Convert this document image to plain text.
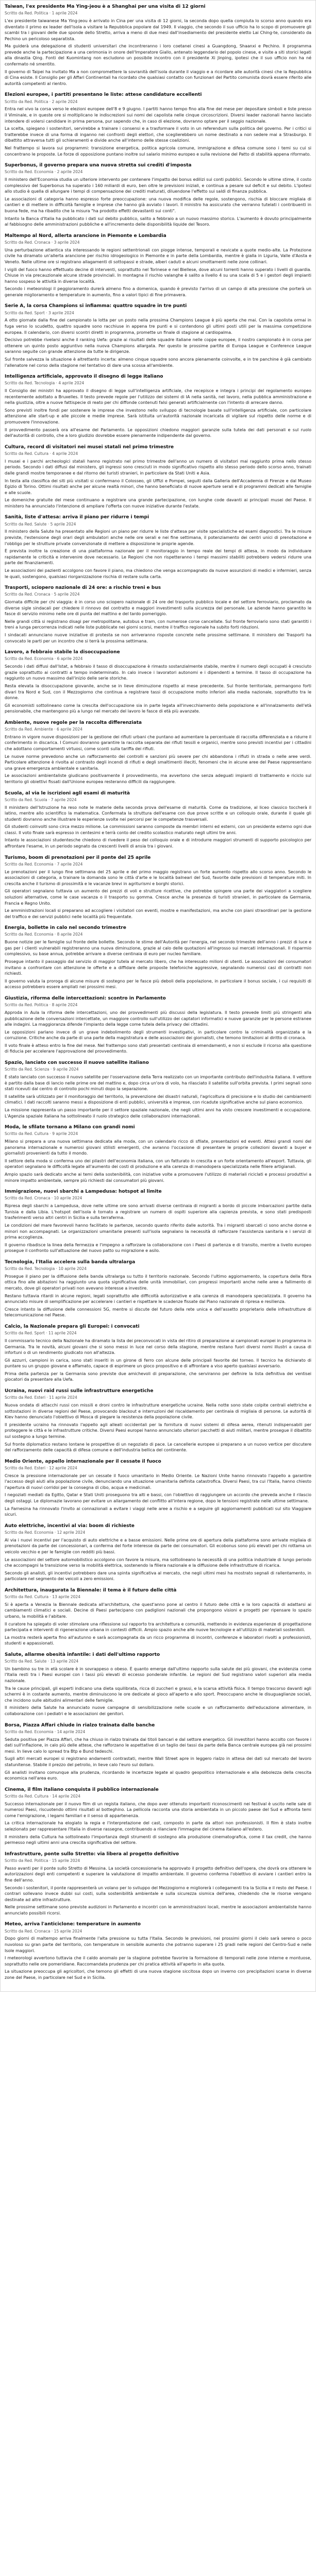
Taiwan, l'ex presidente Ma Ying-jeou è a Shanghai per una visita di 12 giorni
Scritto da Red. Politica · 1 aprile 2024

L'ex presidente taiwanese Ma Ying-jeou è arrivato in Cina per una visita di 12 giorni, la seconda dopo quella compiuta lo scorso anno quando era diventato il primo ex leader dell'isola a visitare la Repubblica popolare dal 1949. Il viaggio, che secondo il suo ufficio ha lo scopo di promuovere gli scambi tra i giovani delle due sponde dello Stretto, arriva a meno di due mesi dall'insediamento del presidente eletto Lai Ching-te, considerato da Pechino un pericoloso separatista.

Ma guiderà una delegazione di studenti universitari che incontreranno i loro coetanei cinesi a Guangdong, Shaanxi e Pechino. Il programma prevede anche la partecipazione a una cerimonia in onore dell'Imperatore Giallo, antenato leggendario del popolo cinese, e visite a siti storici legati alla dinastia Qing. Fonti del Kuomintang non escludono un possibile incontro con il presidente Xi Jinping, ipotesi che il suo ufficio non ha né confermato né smentito.

Il governo di Taipei ha invitato Ma a non compromettere la sovranità dell'isola durante il viaggio e a ricordare alle autorità cinesi che la Repubblica di Cina esiste. Il Consiglio per gli Affari Continentali ha ricordato che qualsiasi contatto con funzionari del Partito comunista dovrà essere riferito alle autorità competenti al rientro.

Elezioni europee, i partiti presentano le liste: attese candidature eccellenti
Scritto da Red. Politica · 2 aprile 2024

Entra nel vivo la corsa verso le elezioni europee dell'8 e 9 giugno. I partiti hanno tempo fino alla fine del mese per depositare simboli e liste presso il Viminale, e in queste ore si moltiplicano le indiscrezioni sui nomi dei capolista nelle cinque circoscrizioni. Diversi leader nazionali hanno lasciato intendere di volersi candidare in prima persona, pur sapendo che, in caso di elezione, dovranno optare per il seggio nazionale.

La scelta, spiegano i sostenitori, servirebbe a trainare i consensi e a trasformare il voto in un referendum sulla politica del governo. Per i critici si tratterebbe invece di una forma di inganno nei confronti degli elettori, che sceglierebbero un nome destinato a non sedere mai a Strasburgo. Il dibattito attraversa tutti gli schieramenti e divide anche all'interno delle stesse coalizioni.

Nel frattempo si lavora sui programmi: transizione energetica, politica agricola comune, immigrazione e difesa comune sono i temi su cui si concentrano le proposte. Le forze di opposizione puntano inoltre sul salario minimo europeo e sulla revisione del Patto di stabilità appena riformato.

Superbonus, il governo prepara una nuova stretta sui crediti d'imposta
Scritto da Red. Economia · 2 aprile 2024

Il ministero dell'Economia studia un ulteriore intervento per contenere l'impatto dei bonus edilizi sui conti pubblici. Secondo le ultime stime, il costo complessivo del Superbonus ha superato i 160 miliardi di euro, ben oltre le previsioni iniziali, e continua a pesare sul deficit e sul debito. L'ipotesi allo studio è quella di allungare i tempi di compensazione dei crediti maturati, diluendone l'effetto sui saldi di finanza pubblica.

Le associazioni di categoria hanno espresso forte preoccupazione: una nuova modifica delle regole, sostengono, rischia di bloccare migliaia di cantieri e di mettere in difficoltà famiglie e imprese che hanno già avviato i lavori. Il ministro ha assicurato che verranno tutelati i contribuenti in buona fede, ma ha ribadito che la misura "ha prodotto effetti devastanti sui conti".

Intanto la Banca d'Italia ha pubblicato i dati sul debito pubblico, salito a febbraio a un nuovo massimo storico. L'aumento è dovuto principalmente al fabbisogno delle amministrazioni pubbliche e all'incremento delle disponibilità liquide del Tesoro.

Maltempo al Nord, allerta arancione in Piemonte e Lombardia
Scritto da Red. Cronaca · 3 aprile 2024

Una perturbazione atlantica sta interessando le regioni settentrionali con piogge intense, temporali e nevicate a quote medio-alte. La Protezione civile ha diramato un'allerta arancione per rischio idrogeologico in Piemonte e in parte della Lombardia, mentre è gialla in Liguria, Valle d'Aosta e Veneto. Nelle ultime ore si registrano allagamenti di sottopassi e strade, alberi caduti e alcuni smottamenti nelle zone collinari.

I vigili del fuoco hanno effettuato decine di interventi, soprattutto nel Torinese e nel Biellese, dove alcuni torrenti hanno superato i livelli di guardia. Chiuse in via precauzionale alcune strade provinciali. In montagna il rischio valanghe è salito a livello 4 su una scala di 5 e i gestori degli impianti hanno sospeso le attività in diverse località.

Secondo i meteorologi il peggioramento durerà almeno fino a domenica, quando è previsto l'arrivo di un campo di alta pressione che porterà un generale miglioramento e temperature in aumento, fino a valori tipici di fine primavera.

Serie A, la corsa Champions si infiamma: quattro squadre in tre punti
Scritto da Red. Sport · 3 aprile 2024

A otto giornate dalla fine del campionato la lotta per un posto nella prossima Champions League è più aperta che mai. Con la capolista ormai in fuga verso lo scudetto, quattro squadre sono racchiuse in appena tre punti e si contendono gli ultimi posti utili per la massima competizione europea. Il calendario, con diversi scontri diretti in programma, promette un finale di stagione al cardiopalma.

Decisivo potrebbe rivelarsi anche il ranking Uefa: grazie ai risultati delle squadre italiane nelle coppe europee, il nostro campionato è in corsa per ottenere un quinto posto aggiuntivo nella nuova Champions allargata. Per questo le prossime partite di Europa League e Conference League saranno seguite con grande attenzione da tutte le dirigenze.

Sul fronte salvezza la situazione è altrettanto incerta: almeno cinque squadre sono ancora pienamente coinvolte, e in tre panchine è già cambiato l'allenatore nel corso della stagione nel tentativo di dare una scossa all'ambiente.

Intelligenza artificiale, approvato il disegno di legge italiano
Scritto da Red. Tecnologia · 4 aprile 2024

Il Consiglio dei ministri ha approvato il disegno di legge sull'intelligenza artificiale, che recepisce e integra i principi del regolamento europeo recentemente adottato a Bruxelles. Il testo prevede regole per l'utilizzo dei sistemi di IA nella sanità, nel lavoro, nella pubblica amministrazione e nella giustizia, oltre a nuove fattispecie di reato per chi diffonde contenuti falsi generati artificialmente con l'intento di arrecare danno.

Sono previsti inoltre fondi per sostenere le imprese che investono nello sviluppo di tecnologie basate sull'intelligenza artificiale, con particolare attenzione alle start-up e alle piccole e medie imprese. Sarà istituita un'autorità nazionale incaricata di vigilare sul rispetto delle norme e di promuovere l'innovazione.

Il provvedimento passerà ora all'esame del Parlamento. Le opposizioni chiedono maggiori garanzie sulla tutela dei dati personali e sul ruolo dell'autorità di controllo, che a loro giudizio dovrebbe essere pienamente indipendente dal governo.

Cultura, record di visitatori nei musei statali nel primo trimestre
Scritto da Red. Cultura · 4 aprile 2024

I musei e i parchi archeologici statali hanno registrato nel primo trimestre dell'anno un numero di visitatori mai raggiunto prima nello stesso periodo. Secondo i dati diffusi dal ministero, gli ingressi sono cresciuti in modo significativo rispetto allo stesso periodo dello scorso anno, trainati dalle grandi mostre temporanee e dal ritorno dei turisti stranieri, in particolare da Stati Uniti e Asia.

In testa alla classifica dei siti più visitati si confermano il Colosseo, gli Uffizi e Pompei, seguiti dalla Galleria dell'Accademia di Firenze e dal Museo Egizio di Torino. Ottimi risultati anche per alcune realtà minori, che hanno beneficiato di nuove aperture serali e di programmi dedicati alle famiglie e alle scuole.

Le domeniche gratuite del mese continuano a registrare una grande partecipazione, con lunghe code davanti ai principali musei del Paese. Il ministero ha annunciato l'intenzione di ampliare l'offerta con nuove iniziative durante l'estate.

Sanità, liste d'attesa: arriva il piano per ridurre i tempi
Scritto da Red. Salute · 5 aprile 2024

Il ministero della Salute ha presentato alle Regioni un piano per ridurre le liste d'attesa per visite specialistiche ed esami diagnostici. Tra le misure previste, l'estensione degli orari degli ambulatori anche nelle ore serali e nei fine settimana, il potenziamento dei centri unici di prenotazione e l'obbligo per le strutture private convenzionate di mettere a disposizione le proprie agende.

È prevista inoltre la creazione di una piattaforma nazionale per il monitoraggio in tempo reale dei tempi di attesa, in modo da individuare rapidamente le criticità e intervenire dove necessario. Le Regioni che non rispetteranno i tempi massimi stabiliti potrebbero vedersi ridurre una parte dei finanziamenti.

Le associazioni dei pazienti accolgono con favore il piano, ma chiedono che venga accompagnato da nuove assunzioni di medici e infermieri, senza le quali, sostengono, qualsiasi riorganizzazione rischia di restare sulla carta.

Trasporti, sciopero nazionale di 24 ore: a rischio treni e bus
Scritto da Red. Cronaca · 5 aprile 2024

Giornata difficile per chi viaggia: è in corso uno sciopero nazionale di 24 ore del trasporto pubblico locale e del settore ferroviario, proclamato da diverse sigle sindacali per chiedere il rinnovo del contratto e maggiori investimenti sulla sicurezza del personale. Le aziende hanno garantito le fasce di servizio minimo nelle ore di punta del mattino e del tardo pomeriggio.

Nelle grandi città si registrano disagi per metropolitane, autobus e tram, con numerose corse cancellate. Sul fronte ferroviario sono stati garantiti i treni a lunga percorrenza indicati nelle liste pubblicate nei giorni scorsi, mentre il traffico regionale ha subito forti riduzioni.

I sindacati annunciano nuove iniziative di protesta se non arriveranno risposte concrete nelle prossime settimane. Il ministero dei Trasporti ha convocato le parti per un incontro che si terrà la prossima settimana.

Lavoro, a febbraio stabile la disoccupazione
Scritto da Red. Economia · 6 aprile 2024

Secondo i dati diffusi dall'Istat, a febbraio il tasso di disoccupazione è rimasto sostanzialmente stabile, mentre il numero degli occupati è cresciuto grazie soprattutto ai contratti a tempo indeterminato. In calo invece i lavoratori autonomi e i dipendenti a termine. Il tasso di occupazione ha raggiunto un nuovo massimo dall'inizio delle serie storiche.

Resta elevata la disoccupazione giovanile, anche se in lieve diminuzione rispetto al mese precedente. Sul fronte territoriale, permangono forti divari tra Nord e Sud, con il Mezzogiorno che continua a registrare tassi di occupazione molto inferiori alla media nazionale, soprattutto tra le donne.

Gli economisti sottolineano come la crescita dell'occupazione sia in parte legata all'invecchiamento della popolazione e all'innalzamento dell'età pensionabile, che mantengono più a lungo nel mercato del lavoro le fasce di età più avanzate.

Ambiente, nuove regole per la raccolta differenziata
Scritto da Red. Ambiente · 6 aprile 2024

Entrano in vigore nuove disposizioni per la gestione dei rifiuti urbani che puntano ad aumentare la percentuale di raccolta differenziata e a ridurre il conferimento in discarica. I Comuni dovranno garantire la raccolta separata dei rifiuti tessili e organici, mentre sono previsti incentivi per i cittadini che adottano comportamenti virtuosi, come sconti sulla tariffa dei rifiuti.

Le nuove norme prevedono anche un rafforzamento dei controlli e sanzioni più severe per chi abbandona i rifiuti in strada o nelle aree verdi. Particolare attenzione è rivolta al contrasto degli incendi di rifiuti e degli smaltimenti illeciti, fenomeni che in alcune aree del Paese rappresentano una grave emergenza ambientale e sanitaria.

Le associazioni ambientaliste giudicano positivamente il provvedimento, ma avvertono che senza adeguati impianti di trattamento e riciclo sul territorio gli obiettivi fissati dall'Unione europea resteranno difficili da raggiungere.

Scuola, al via le iscrizioni agli esami di maturità
Scritto da Red. Scuola · 7 aprile 2024

Il ministero dell'Istruzione ha reso note le materie della seconda prova dell'esame di maturità. Come da tradizione, al liceo classico toccherà il latino, mentre allo scientifico la matematica. Confermata la struttura dell'esame con due prove scritte e un colloquio orale, durante il quale gli studenti dovranno anche illustrare le esperienze svolte nei percorsi per le competenze trasversali.

Gli studenti coinvolti sono circa mezzo milione. Le commissioni saranno composte da membri interni ed esterni, con un presidente esterno ogni due classi. Il voto finale sarà espresso in centesimi e terrà conto del credito scolastico maturato negli ultimi tre anni.

Intanto le associazioni studentesche chiedono di rivedere il peso del colloquio orale e di introdurre maggiori strumenti di supporto psicologico per affrontare l'esame, in un periodo segnato da crescenti livelli di ansia tra i giovani.

Turismo, boom di prenotazioni per il ponte del 25 aprile
Scritto da Red. Economia · 7 aprile 2024

Le prenotazioni per il lungo fine settimana del 25 aprile e del primo maggio registrano un forte aumento rispetto allo scorso anno. Secondo le associazioni di categoria, a trainare la domanda sono le città d'arte e le località balneari del Sud, favorite dalle previsioni di temperature miti. In crescita anche il turismo di prossimità e le vacanze brevi in agriturismi e borghi storici.

Gli operatori segnalano tuttavia un aumento dei prezzi di voli e strutture ricettive, che potrebbe spingere una parte dei viaggiatori a scegliere soluzioni alternative, come le case vacanza o il trasporto su gomma. Cresce anche la presenza di turisti stranieri, in particolare da Germania, Francia e Regno Unito.

Le amministrazioni locali si preparano ad accogliere i visitatori con eventi, mostre e manifestazioni, ma anche con piani straordinari per la gestione del traffico e dei servizi pubblici nelle località più frequentate.

Energia, bollette in calo nel secondo trimestre
Scritto da Red. Economia · 8 aprile 2024

Buone notizie per le famiglie sul fronte delle bollette. Secondo le stime dell'Autorità per l'energia, nel secondo trimestre dell'anno i prezzi di luce e gas per i clienti vulnerabili registreranno una nuova diminuzione, grazie al calo delle quotazioni all'ingrosso sui mercati internazionali. Il risparmio complessivo, su base annua, potrebbe arrivare a diverse centinaia di euro per nucleo familiare.

Prosegue intanto il passaggio dal servizio di maggior tutela al mercato libero, che ha interessato milioni di utenti. Le associazioni dei consumatori invitano a confrontare con attenzione le offerte e a diffidare delle proposte telefoniche aggressive, segnalando numerosi casi di contratti non richiesti.

Il governo valuta la proroga di alcune misure di sostegno per le fasce più deboli della popolazione, in particolare il bonus sociale, i cui requisiti di accesso potrebbero essere ampliati nei prossimi mesi.

Giustizia, riforma delle intercettazioni: scontro in Parlamento
Scritto da Red. Politica · 8 aprile 2024

Approda in Aula la riforma delle intercettazioni, uno dei provvedimenti più discussi della legislatura. Il testo prevede limiti più stringenti alla pubblicazione delle conversazioni intercettate, un maggiore controllo sull'utilizzo dei captatori informatici e nuove garanzie per le persone estranee alle indagini. La maggioranza difende l'impianto della legge come tutela della privacy dei cittadini.

Le opposizioni parlano invece di un grave indebolimento degli strumenti investigativi, in particolare contro la criminalità organizzata e la corruzione. Critiche anche da parte di una parte della magistratura e delle associazioni dei giornalisti, che temono limitazioni al diritto di cronaca.

Il voto finale è atteso entro la fine del mese. Nel frattempo sono stati presentati centinaia di emendamenti, e non si esclude il ricorso alla questione di fiducia per accelerare l'approvazione del provvedimento.

Spazio, lanciato con successo il nuovo satellite italiano
Scritto da Red. Scienza · 9 aprile 2024

È stato lanciato con successo il nuovo satellite per l'osservazione della Terra realizzato con un importante contributo dell'industria italiana. Il vettore è partito dalla base di lancio nelle prime ore del mattino e, dopo circa un'ora di volo, ha rilasciato il satellite sull'orbita prevista. I primi segnali sono stati ricevuti dal centro di controllo pochi minuti dopo la separazione.

Il satellite sarà utilizzato per il monitoraggio del territorio, la prevenzione dei disastri naturali, l'agricoltura di precisione e lo studio dei cambiamenti climatici. I dati raccolti saranno messi a disposizione di enti pubblici, università e imprese, con ricadute significative anche sul piano economico.

La missione rappresenta un passo importante per il settore spaziale nazionale, che negli ultimi anni ha visto crescere investimenti e occupazione. L'Agenzia spaziale italiana ha sottolineato il ruolo strategico delle collaborazioni internazionali.

Moda, le sfilate tornano a Milano con grandi nomi
Scritto da Red. Cultura · 9 aprile 2024

Milano si prepara a una nuova settimana dedicata alla moda, con un calendario ricco di sfilate, presentazioni ed eventi. Attesi grandi nomi del panorama internazionale e numerosi giovani stilisti emergenti, che avranno l'occasione di presentare le proprie collezioni davanti a buyer e giornalisti provenienti da tutto il mondo.

Il settore della moda si conferma uno dei pilastri dell'economia italiana, con un fatturato in crescita e un forte orientamento all'export. Tuttavia, gli operatori segnalano le difficoltà legate all'aumento dei costi di produzione e alla carenza di manodopera specializzata nelle filiere artigianali.

Ampio spazio sarà dedicato anche ai temi della sostenibilità, con iniziative volte a promuovere l'utilizzo di materiali riciclati e processi produttivi a minore impatto ambientale, sempre più richiesti dai consumatori più giovani.

Immigrazione, nuovi sbarchi a Lampedusa: hotspot al limite
Scritto da Red. Cronaca · 10 aprile 2024

Ripresa degli sbarchi a Lampedusa, dove nelle ultime ore sono arrivati diverse centinaia di migranti a bordo di piccole imbarcazioni partite dalla Tunisia e dalla Libia. L'hotspot dell'isola è tornato a registrare un numero di ospiti superiore alla capienza prevista, e sono stati predisposti trasferimenti verso altri centri in Sicilia e sulla terraferma.

Le condizioni del mare favorevoli hanno facilitato le partenze, secondo quanto riferito dalle autorità. Tra i migranti sbarcati ci sono anche donne e minori non accompagnati. Le organizzazioni umanitarie presenti sull'isola segnalano la necessità di rafforzare l'assistenza sanitaria e i servizi di prima accoglienza.

Il governo ribadisce la linea della fermezza e l'impegno a rafforzare la collaborazione con i Paesi di partenza e di transito, mentre a livello europeo prosegue il confronto sull'attuazione del nuovo patto su migrazione e asilo.

Tecnologia, l'Italia accelera sulla banda ultralarga
Scritto da Red. Tecnologia · 10 aprile 2024

Prosegue il piano per la diffusione della banda ultralarga su tutto il territorio nazionale. Secondo l'ultimo aggiornamento, la copertura della fibra ottica fino alle abitazioni ha raggiunto una quota significativa delle unità immobiliari, con progressi importanti anche nelle aree a fallimento di mercato, dove gli operatori privati non avevano interesse a investire.

Restano tuttavia ritardi in alcune regioni, legati soprattutto alle difficoltà autorizzative e alla carenza di manodopera specializzata. Il governo ha annunciato misure di semplificazione per accelerare i cantieri e rispettare le scadenze fissate dal Piano nazionale di ripresa e resilienza.

Cresce intanto la diffusione delle connessioni 5G, mentre si discute del futuro della rete unica e dell'assetto proprietario delle infrastrutture di telecomunicazione nel Paese.

Calcio, la Nazionale prepara gli Europei: i convocati
Scritto da Red. Sport · 11 aprile 2024

Il commissario tecnico della Nazionale ha diramato la lista dei preconvocati in vista del ritiro di preparazione ai campionati europei in programma in Germania. Tra le novità, alcuni giovani che si sono messi in luce nel corso della stagione, mentre restano fuori diversi nomi illustri a causa di infortuni o di un rendimento giudicato non all'altezza.

Gli azzurri, campioni in carica, sono stati inseriti in un girone di ferro con alcune delle principali favorite del torneo. Il tecnico ha dichiarato di puntare su un gruppo giovane e affamato, capace di esprimere un gioco propositivo e di affrontare a viso aperto qualsiasi avversario.

Prima della partenza per la Germania sono previste due amichevoli di preparazione, che serviranno per definire la lista definitiva dei ventisei giocatori da presentare alla Uefa.

Ucraina, nuovi raid russi sulle infrastrutture energetiche
Scritto da Red. Esteri · 11 aprile 2024

Nuova ondata di attacchi russi con missili e droni contro le infrastrutture energetiche ucraine. Nella notte sono state colpite centrali elettriche e sottostazioni in diverse regioni del Paese, provocando blackout e interruzioni del riscaldamento per centinaia di migliaia di persone. Le autorità di Kiev hanno denunciato l'obiettivo di Mosca di piegare la resistenza della popolazione civile.

Il presidente ucraino ha rinnovato l'appello agli alleati occidentali per la fornitura di nuovi sistemi di difesa aerea, ritenuti indispensabili per proteggere le città e le infrastrutture critiche. Diversi Paesi europei hanno annunciato ulteriori pacchetti di aiuti militari, mentre prosegue il dibattito sul sostegno a lungo termine.

Sul fronte diplomatico restano lontane le prospettive di un negoziato di pace. Le cancellerie europee si preparano a un nuovo vertice per discutere del rafforzamento delle capacità di difesa comune e dell'industria bellica del continente.

Medio Oriente, appello internazionale per il cessate il fuoco
Scritto da Red. Esteri · 12 aprile 2024

Cresce la pressione internazionale per un cessate il fuoco umanitario in Medio Oriente. Le Nazioni Unite hanno rinnovato l'appello a garantire l'accesso degli aiuti alla popolazione civile, denunciando una situazione umanitaria definita catastrofica. Diversi Paesi, tra cui l'Italia, hanno chiesto l'apertura di nuovi corridoi per la consegna di cibo, acqua e medicinali.

I negoziati mediati da Egitto, Qatar e Stati Uniti proseguono tra alti e bassi, con l'obiettivo di raggiungere un accordo che preveda anche il rilascio degli ostaggi. Le diplomazie lavorano per evitare un allargamento del conflitto all'intera regione, dopo le tensioni registrate nelle ultime settimane.

La Farnesina ha rinnovato l'invito ai connazionali a evitare i viaggi nelle aree a rischio e a seguire gli aggiornamenti pubblicati sul sito Viaggiare sicuri.

Auto elettriche, incentivi al via: boom di richieste
Scritto da Red. Economia · 12 aprile 2024

Al via i nuovi incentivi per l'acquisto di auto elettriche e a basse emissioni. Nelle prime ore di apertura della piattaforma sono arrivate migliaia di prenotazioni da parte dei concessionari, a conferma del forte interesse da parte dei consumatori. Gli ecobonus sono più elevati per chi rottama un veicolo vecchio e per le famiglie con redditi più bassi.

Le associazioni del settore automobilistico accolgono con favore la misura, ma sottolineano la necessità di una politica industriale di lungo periodo che accompagni la transizione verso la mobilità elettrica, sostenendo la filiera nazionale e la diffusione delle infrastrutture di ricarica.

Secondo gli analisti, gli incentivi potrebbero dare una spinta significativa al mercato, che negli ultimi mesi ha mostrato segnali di rallentamento, in particolare nel segmento dei veicoli a zero emissioni.

Architettura, inaugurata la Biennale: il tema è il futuro delle città
Scritto da Red. Cultura · 13 aprile 2024

Si è aperta a Venezia la Biennale dedicata all'architettura, che quest'anno pone al centro il futuro delle città e la loro capacità di adattarsi ai cambiamenti climatici e sociali. Decine di Paesi partecipano con padiglioni nazionali che propongono visioni e progetti per ripensare lo spazio urbano, la mobilità e l'abitare.

Il curatore ha spiegato di voler stimolare una riflessione sul rapporto tra architettura e comunità, mettendo in evidenza esperienze di progettazione partecipata e interventi di rigenerazione urbana in contesti difficili. Ampio spazio anche alle nuove tecnologie e all'utilizzo di materiali sostenibili.

La mostra resterà aperta fino all'autunno e sarà accompagnata da un ricco programma di incontri, conferenze e laboratori rivolti a professionisti, studenti e appassionati.

Salute, allarme obesità infantile: i dati dell'ultimo rapporto
Scritto da Red. Salute · 13 aprile 2024

Un bambino su tre in età scolare è in sovrappeso o obeso. È quanto emerge dall'ultimo rapporto sulla salute dei più giovani, che evidenzia come l'Italia resti tra i Paesi europei con i tassi più elevati di eccesso ponderale infantile. Le regioni del Sud registrano valori superiori alla media nazionale.

Tra le cause principali, gli esperti indicano una dieta squilibrata, ricca di zuccheri e grassi, e la scarsa attività fisica. Il tempo trascorso davanti agli schermi è in costante aumento, mentre diminuiscono le ore dedicate al gioco all'aperto e allo sport. Preoccupano anche le disuguaglianze sociali, che incidono sulle abitudini alimentari delle famiglie.

Il ministero della Salute ha annunciato nuove campagne di sensibilizzazione nelle scuole e un rafforzamento dell'educazione alimentare, in collaborazione con i pediatri e le associazioni dei genitori.

Borsa, Piazza Affari chiude in rialzo trainata dalle banche
Scritto da Red. Economia · 14 aprile 2024

Seduta positiva per Piazza Affari, che ha chiuso in rialzo trainata dai titoli bancari e dal settore energetico. Gli investitori hanno accolto con favore i dati sull'inflazione, in calo più delle attese, che rafforzano le aspettative di un taglio dei tassi da parte della Banca centrale europea già nei prossimi mesi. In lieve calo lo spread tra Btp e Bund tedeschi.

Sugli altri mercati europei si registrano andamenti contrastati, mentre Wall Street apre in leggero rialzo in attesa dei dati sul mercato del lavoro statunitense. Stabile il prezzo del petrolio, in lieve calo l'euro sul dollaro.

Gli analisti invitano comunque alla prudenza, ricordando le incertezze legate al quadro geopolitico internazionale e alla debolezza della crescita economica nell'area euro.

Cinema, il film italiano conquista il pubblico internazionale
Scritto da Red. Cultura · 14 aprile 2024

Successo internazionale per il nuovo film di un regista italiano, che dopo aver ottenuto importanti riconoscimenti nei festival è uscito nelle sale di numerosi Paesi, riscuotendo ottimi risultati al botteghino. La pellicola racconta una storia ambientata in un piccolo paese del Sud e affronta temi come l'emigrazione, i legami familiari e il senso di appartenenza.

La critica internazionale ha elogiato la regia e l'interpretazione del cast, composto in parte da attori non professionisti. Il film è stato inoltre selezionato per rappresentare l'Italia in diverse rassegne, contribuendo a rilanciare l'immagine del cinema italiano all'estero.

Il ministero della Cultura ha sottolineato l'importanza degli strumenti di sostegno alla produzione cinematografica, come il tax credit, che hanno permesso negli ultimi anni una crescita significativa del settore.

Infrastrutture, ponte sullo Stretto: via libera al progetto definitivo
Scritto da Red. Politica · 15 aprile 2024

Passo avanti per il ponte sullo Stretto di Messina. La società concessionaria ha approvato il progetto definitivo dell'opera, che dovrà ora ottenere le autorizzazioni degli enti competenti e superare la valutazione di impatto ambientale. Il governo conferma l'obiettivo di avviare i cantieri entro la fine dell'anno.

Secondo i sostenitori, il ponte rappresenterà un volano per lo sviluppo del Mezzogiorno e migliorerà i collegamenti tra la Sicilia e il resto del Paese. I contrari sollevano invece dubbi sui costi, sulla sostenibilità ambientale e sulla sicurezza sismica dell'area, chiedendo che le risorse vengano destinate ad altre infrastrutture.

Nelle prossime settimane sono previste audizioni in Parlamento e incontri con le amministrazioni locali, mentre le associazioni ambientaliste hanno annunciato possibili ricorsi.

Meteo, arriva l'anticiclone: temperature in aumento
Scritto da Red. Cronaca · 15 aprile 2024

Dopo giorni di maltempo arriva finalmente l'alta pressione su tutta l'Italia. Secondo le previsioni, nei prossimi giorni il cielo sarà sereno o poco nuvoloso su gran parte del territorio, con temperature in sensibile aumento che potranno superare i 25 gradi nelle regioni del Centro-Sud e nelle Isole maggiori.

I meteorologi avvertono tuttavia che il caldo anomalo per la stagione potrebbe favorire la formazione di temporali nelle zone interne e montuose, soprattutto nelle ore pomeridiane. Raccomandata prudenza per chi pratica attività all'aperto in alta quota.

La situazione preoccupa gli agricoltori, che temono gli effetti di una nuova stagione siccitosa dopo un inverno con precipitazioni scarse in diverse zone del Paese, in particolare nel Sud e in Sicilia.
